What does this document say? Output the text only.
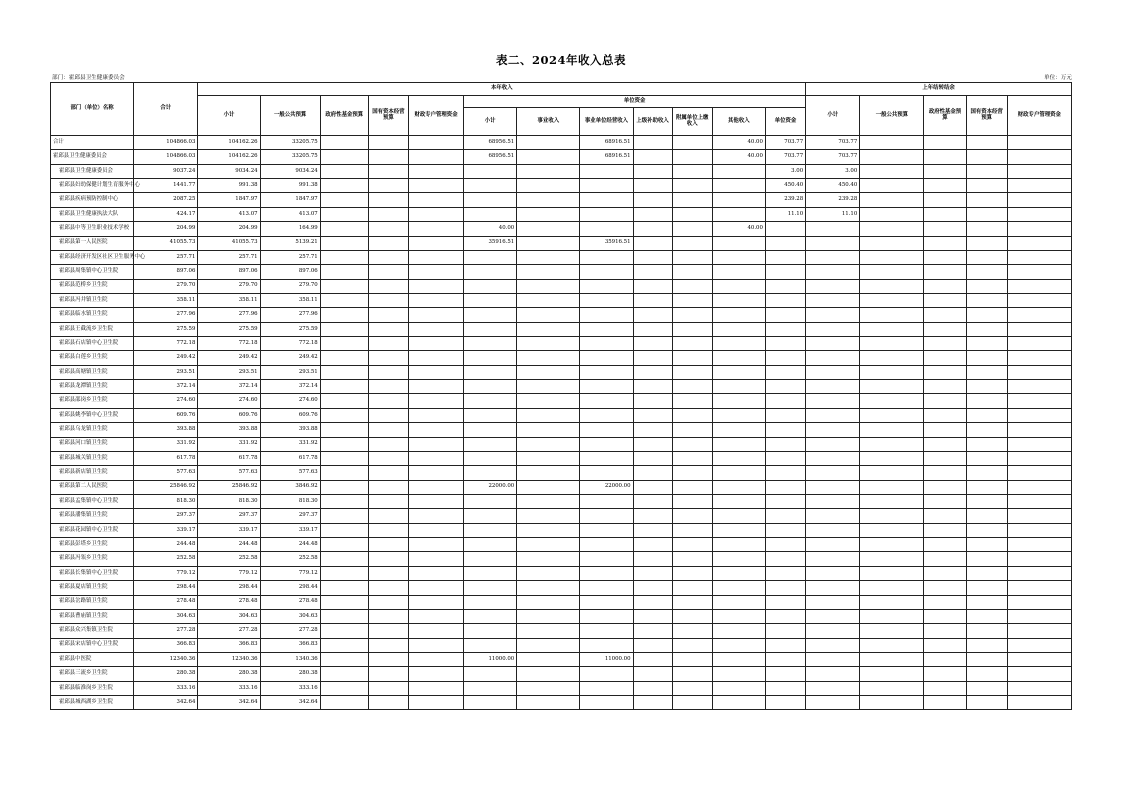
表二、2024年收入总表
部门：霍邱县卫生健康委员会	单位：万元
部门（单位）名称	合计	本年收入												上年结转结余				
		小计	一般公共预算	政府性基金预算	国有资本经营预算	财政专户管理资金	单位资金							小计	一般公共预算	政府性基金预算	国有资本经营预算	财政专户管理资金
							小计	事业收入	事业单位经营收入	上级补助收入	附属单位上缴收入	其他收入	单位资金					
合计	104866.03	104162.26	33205.75				68956.51		68916.51			40.00	703.77	703.77				
霍邱县卫生健康委员会	104866.03	104162.26	33205.75				68956.51		68916.51			40.00	703.77	703.77				
霍邱县卫生健康委员会	9037.24	9034.24	9034.24										3.00	3.00				
霍邱县妇幼保健计划生育服务中心	1441.77	991.38	991.38										450.40	450.40				
霍邱县疾病预防控制中心	2087.25	1847.97	1847.97										239.28	239.28				
霍邱县卫生健康执法大队	424.17	413.07	413.07										11.10	11.10				
霍邱县中等卫生职业技术学校	204.99	204.99	164.99				40.00					40.00						
霍邱县第一人民医院	41055.73	41055.73	5139.21				35916.51		35916.51									
霍邱县经济开发区社区卫生服务中心	257.71	257.71	257.71															
霍邱县周集镇中心卫生院	897.06	897.06	897.06															
霍邱县范桥乡卫生院	279.70	279.70	279.70															
霍邱县冯井镇卫生院	358.11	358.11	358.11															
霍邱县临水镇卫生院	277.96	277.96	277.96															
霍邱县王截流乡卫生院	275.59	275.59	275.59															
霍邱县石店镇中心卫生院	772.18	772.18	772.18															
霍邱县白莲乡卫生院	249.42	249.42	249.42															
霍邱县高塘镇卫生院	293.51	293.51	293.51															
霍邱县龙潭镇卫生院	372.14	372.14	372.14															
霍邱县邵岗乡卫生院	274.60	274.60	274.60															
霍邱县姚李镇中心卫生院	609.76	609.76	609.76															
霍邱县乌龙镇卫生院	393.88	393.88	393.88															
霍邱县河口镇卫生院	331.92	331.92	331.92															
霍邱县城关镇卫生院	617.78	617.78	617.78															
霍邱县新店镇卫生院	577.63	577.63	577.63															
霍邱县第二人民医院	25846.92	25846.92	3846.92				22000.00		22000.00									
霍邱县孟集镇中心卫生院	818.30	818.30	818.30															
霍邱县潘集镇卫生院	297.37	297.37	297.37															
霍邱县花园镇中心卫生院	339.17	339.17	339.17															
霍邱县彭塔乡卫生院	244.48	244.48	244.48															
霍邱县冯瓴乡卫生院	252.58	252.58	252.58															
霍邱县长集镇中心卫生院	779.12	779.12	779.12															
霍邱县夏店镇卫生院	298.44	298.44	298.44															
霍邱县岔路镇卫生院	278.48	278.48	278.48															
霍邱县曹庙镇卫生院	304.63	304.63	304.63															
霍邱县众兴集镇卫生院	277.28	277.28	277.28															
霍邱县宋店镇中心卫生院	366.83	366.83	366.83															
霍邱县中医院	12340.36	12340.36	1340.36				11000.00		11000.00									
霍邱县三流乡卫生院	280.38	280.38	280.38															
霍邱县临淮岗乡卫生院	333.16	333.16	333.16															
霍邱县城西湖乡卫生院	342.64	342.64	342.64															
